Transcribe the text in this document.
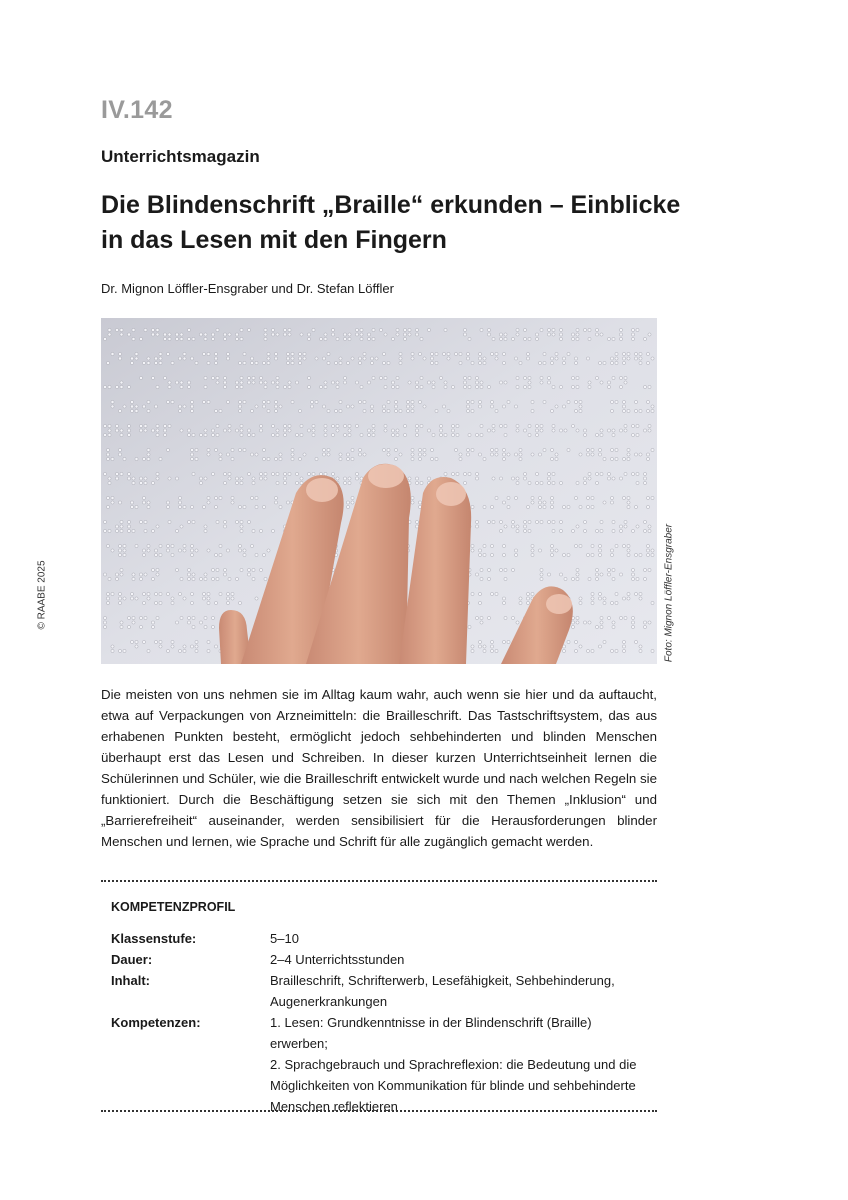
IV.142
Unterrichtsmagazin
Die Blindenschrift „Braille“ erkunden – Einblicke in das Lesen mit den Fingern
Dr. Mignon Löffler-Ensgraber und Dr. Stefan Löffler
© RAABE 2025	Foto: Mignon Löffler-Ensgraber
Die meisten von uns nehmen sie im Alltag kaum wahr, auch wenn sie hier und da auftaucht, etwa auf Verpackungen von Arzneimitteln: die Brailleschrift. Das Tastschriftsystem, das aus erhabenen Punkten besteht, ermöglicht jedoch sehbehinderten und blinden Menschen überhaupt erst das Lesen und Schreiben. In dieser kurzen Unterrichtseinheit lernen die Schülerinnen und Schüler, wie die Brailleschrift entwickelt wurde und nach welchen Regeln sie funktioniert. Durch die Beschäftigung setzen sie sich mit den Themen „Inklusion“ und „Barrierefreiheit“ auseinander, werden sensibilisiert für die Herausforderungen blinder Menschen und lernen, wie Sprache und Schrift für alle zugänglich gemacht werden.
KOMPETENZPROFIL
Klassenstufe:	5–10
Dauer:	2–4 Unterrichtsstunden
Inhalt:	Brailleschrift, Schrifterwerb, Lesefähigkeit, Sehbehinderung,
Augenerkrankungen
Kompetenzen:	1. Lesen: Grundkenntnisse in der Blindenschrift (Braille) erwerben;
2. Sprachgebrauch und Sprachreflexion: die Bedeutung und die
Möglichkeiten von Kommunikation für blinde und sehbehinderte
Menschen reflektieren
